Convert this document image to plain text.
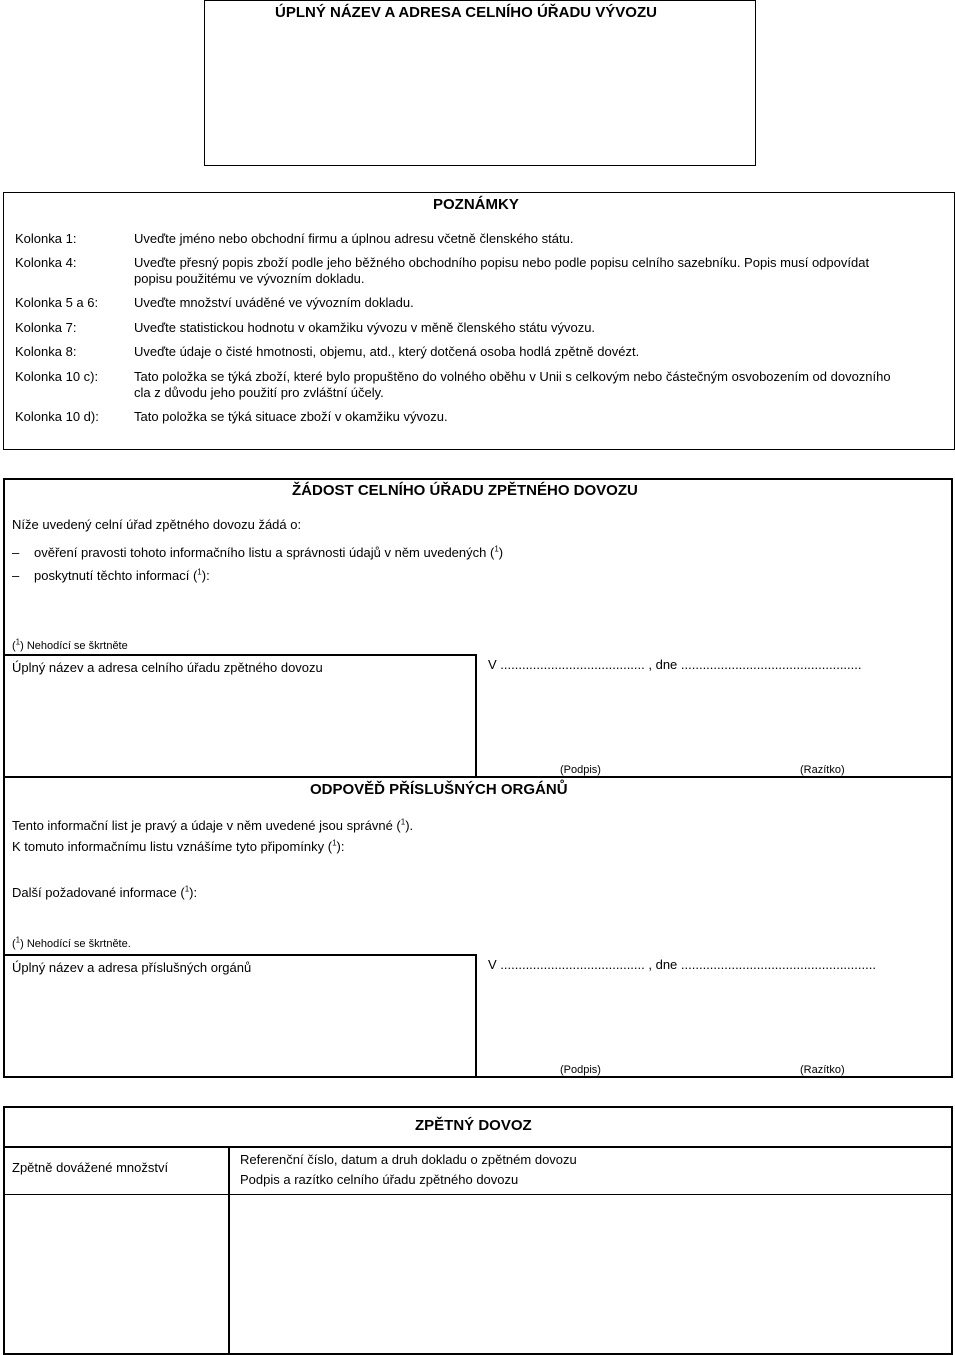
ÚPLNÝ NÁZEV A ADRESA CELNÍHO ÚŘADU VÝVOZU
POZNÁMKY
Kolonka 1:	Uveďte jméno nebo obchodní firmu a úplnou adresu včetně členského státu.
Kolonka 4:	Uveďte přesný popis zboží podle jeho běžného obchodního popisu nebo podle popisu celního sazebníku. Popis musí odpovídat popisu použitému ve vývozním dokladu.
Kolonka 5 a 6:	Uveďte množství uváděné ve vývozním dokladu.
Kolonka 7:	Uveďte statistickou hodnotu v okamžiku vývozu v měně členského státu vývozu.
Kolonka 8:	Uveďte údaje o čisté hmotnosti, objemu, atd., který dotčená osoba hodlá zpětně dovézt.
Kolonka 10 c):	Tato položka se týká zboží, které bylo propuštěno do volného oběhu v Unii s celkovým nebo částečným osvobozením od dovozního cla z důvodu jeho použití pro zvláštní účely.
Kolonka 10 d):	Tato položka se týká situace zboží v okamžiku vývozu.
ŽÁDOST CELNÍHO ÚŘADU ZPĚTNÉHO DOVOZU
Níže uvedený celní úřad zpětného dovozu žádá o:
– ověření pravosti tohoto informačního listu a správnosti údajů v něm uvedených ($^1$)
– poskytnutí těchto informací ($^1$):
($^1$) Nehodící se škrtněte
Úplný název a adresa celního úřadu zpětného dovozu	V ........................................ , dne ..................................................
(Podpis)	(Razítko)
ODPOVĚĎ PŘÍSLUŠNÝCH ORGÁNŮ
Tento informační list je pravý a údaje v něm uvedené jsou správné ($^1$).
K tomuto informačnímu listu vznášíme tyto připomínky ($^1$):
Další požadované informace ($^1$):
($^1$) Nehodící se škrtněte.
Úplný název a adresa příslušných orgánů	V ........................................ , dne ......................................................
(Podpis)	(Razítko)
ZPĚTNÝ DOVOZ
Zpětně dovážené množství
Referenční číslo, datum a druh dokladu o zpětném dovozu
Podpis a razítko celního úřadu zpětného dovozu
